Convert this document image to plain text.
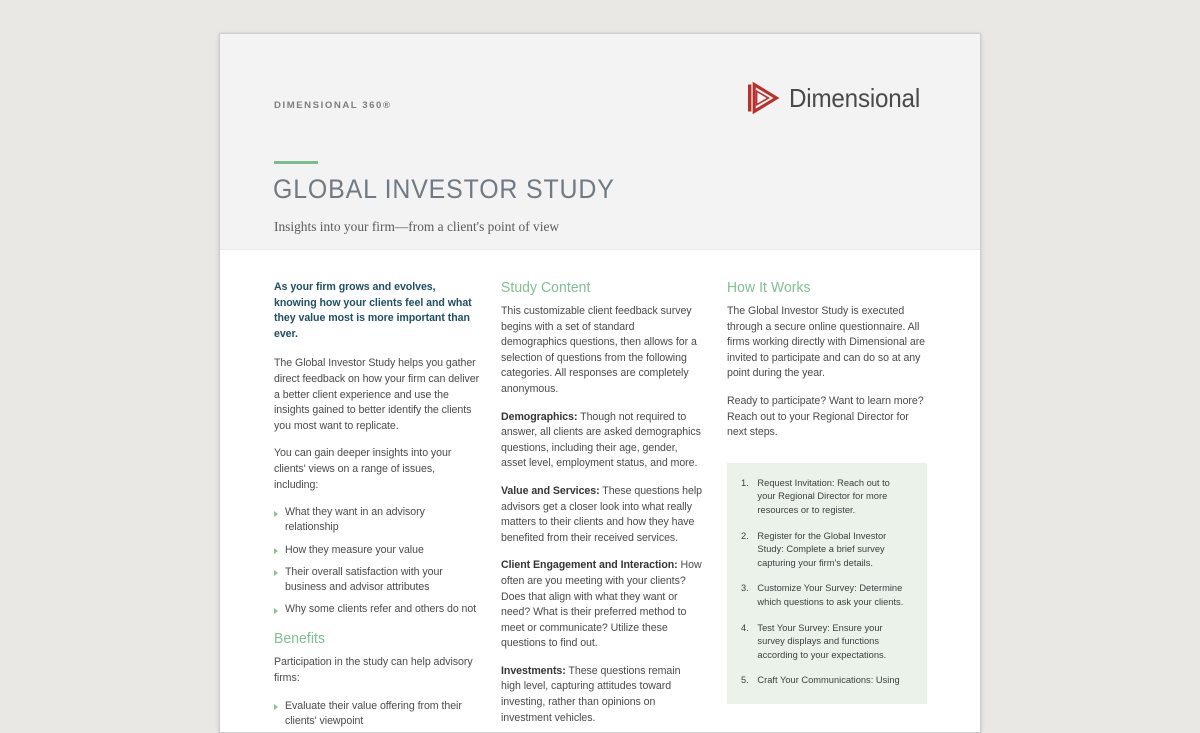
DIMENSIONAL 360®	Dimensional
GLOBAL INVESTOR STUDY
Insights into your firm—from a client's point of view

As your firm grows and evolves, knowing how your clients feel and what they value most is more important than ever.

The Global Investor Study helps you gather direct feedback on how your firm can deliver a better client experience and use the insights gained to better identify the clients you most want to replicate.

You can gain deeper insights into your clients' views on a range of issues, including:

What they want in an advisory relationship
How they measure your value
Their overall satisfaction with your business and advisor attributes
Why some clients refer and others do not
Benefits

Participation in the study can help advisory firms:

Evaluate their value offering from their clients' viewpoint
Study Content

This customizable client feedback survey begins with a set of standard demographics questions, then allows for a selection of questions from the following categories. All responses are completely anonymous.

Demographics: Though not required to answer, all clients are asked demographics questions, including their age, gender, asset level, employment status, and more.

Value and Services: These questions help advisors get a closer look into what really matters to their clients and how they have benefited from their received services.

Client Engagement and Interaction: How often are you meeting with your clients? Does that align with what they want or need? What is their preferred method to meet or communicate? Utilize these questions to find out.

Investments: These questions remain high level, capturing attitudes toward investing, rather than opinions on investment vehicles.

How It Works

The Global Investor Study is executed through a secure online questionnaire. All firms working directly with Dimensional are invited to participate and can do so at any point during the year.

Ready to participate? Want to learn more? Reach out to your Regional Director for next steps.

Request Invitation: Reach out to your Regional Director for more resources or to register.
Register for the Global Investor Study: Complete a brief survey capturing your firm's details.
Customize Your Survey: Determine which questions to ask your clients.
Test Your Survey: Ensure your survey displays and functions according to your expectations.
Craft Your Communications: Using
